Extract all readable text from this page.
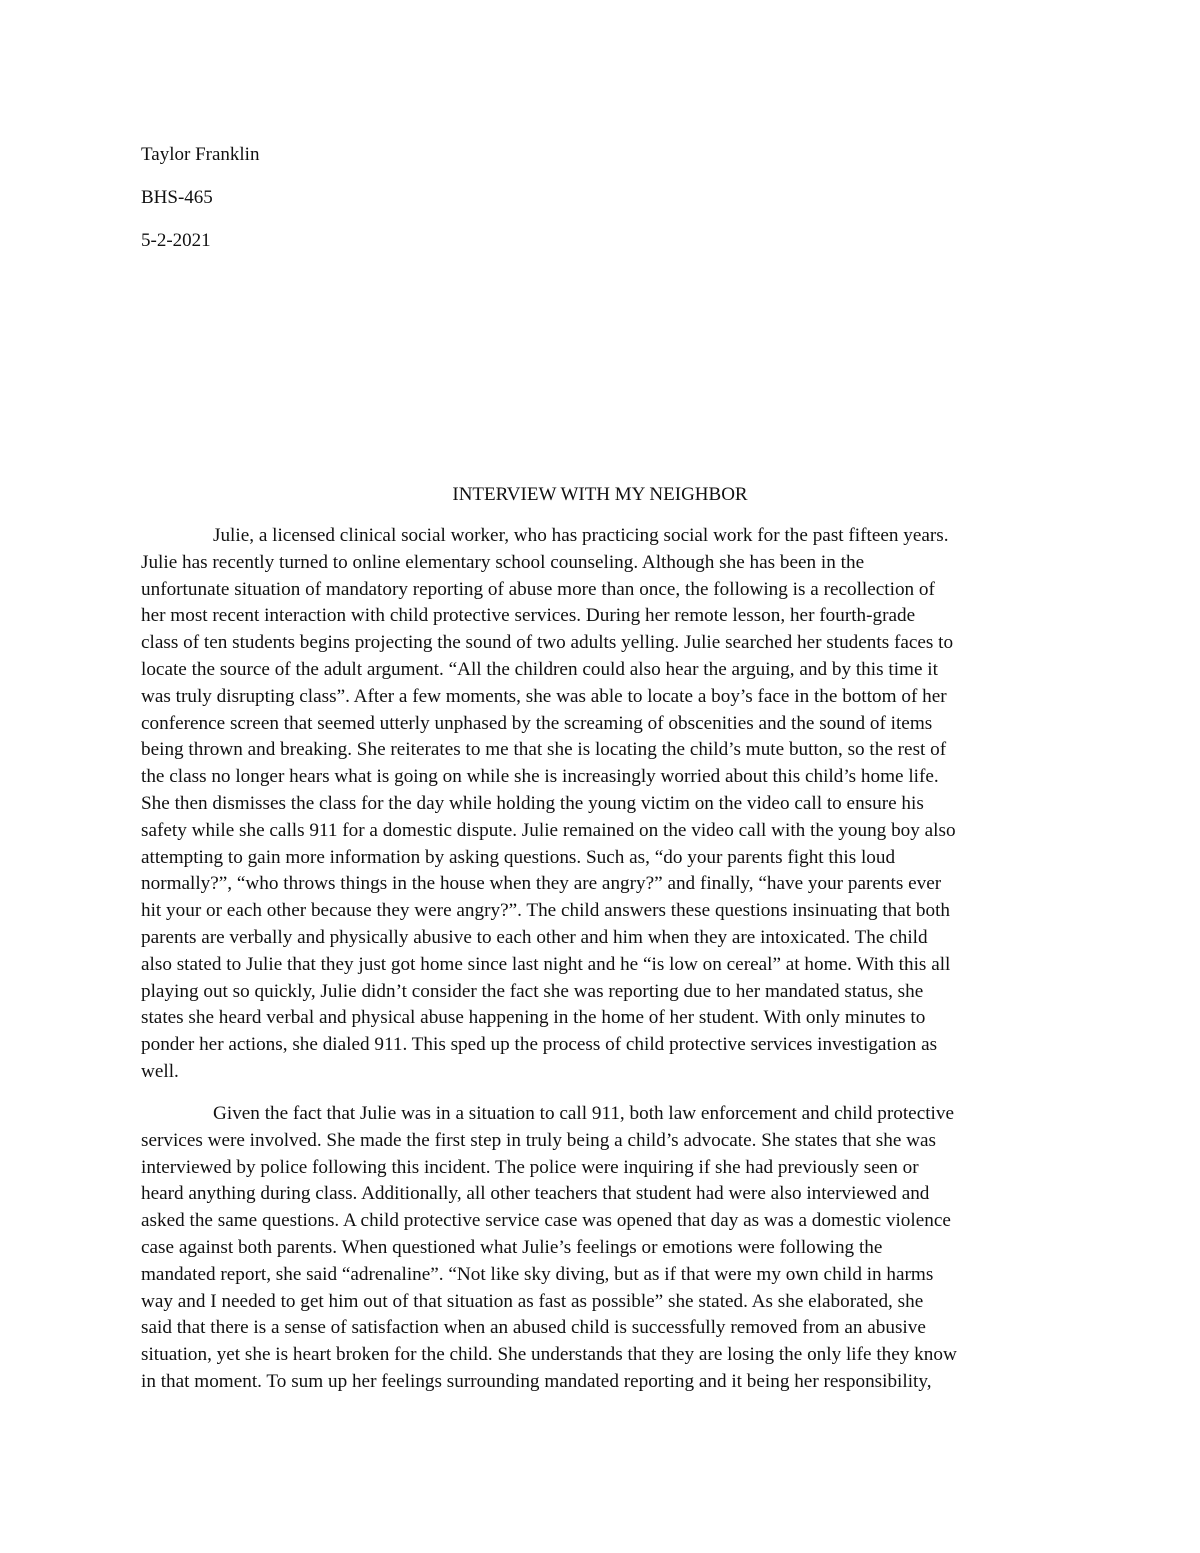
Taylor Franklin
BHS-465
5-2-2021
INTERVIEW WITH MY NEIGHBOR
Julie, a licensed clinical social worker, who has practicing social work for the past fifteen years.
Julie has recently turned to online elementary school counseling. Although she has been in the
unfortunate situation of mandatory reporting of abuse more than once, the following is a recollection of
her most recent interaction with child protective services. During her remote lesson, her fourth-grade
class of ten students begins projecting the sound of two adults yelling. Julie searched her students faces to
locate the source of the adult argument. “All the children could also hear the arguing, and by this time it
was truly disrupting class”. After a few moments, she was able to locate a boy’s face in the bottom of her
conference screen that seemed utterly unphased by the screaming of obscenities and the sound of items
being thrown and breaking. She reiterates to me that she is locating the child’s mute button, so the rest of
the class no longer hears what is going on while she is increasingly worried about this child’s home life.
She then dismisses the class for the day while holding the young victim on the video call to ensure his
safety while she calls 911 for a domestic dispute. Julie remained on the video call with the young boy also
attempting to gain more information by asking questions. Such as, “do your parents fight this loud
normally?”, “who throws things in the house when they are angry?” and finally, “have your parents ever
hit your or each other because they were angry?”. The child answers these questions insinuating that both
parents are verbally and physically abusive to each other and him when they are intoxicated. The child
also stated to Julie that they just got home since last night and he “is low on cereal” at home. With this all
playing out so quickly, Julie didn’t consider the fact she was reporting due to her mandated status, she
states she heard verbal and physical abuse happening in the home of her student. With only minutes to
ponder her actions, she dialed 911. This sped up the process of child protective services investigation as
well.
Given the fact that Julie was in a situation to call 911, both law enforcement and child protective
services were involved. She made the first step in truly being a child’s advocate. She states that she was
interviewed by police following this incident. The police were inquiring if she had previously seen or
heard anything during class. Additionally, all other teachers that student had were also interviewed and
asked the same questions. A child protective service case was opened that day as was a domestic violence
case against both parents. When questioned what Julie’s feelings or emotions were following the
mandated report, she said “adrenaline”. “Not like sky diving, but as if that were my own child in harms
way and I needed to get him out of that situation as fast as possible” she stated. As she elaborated, she
said that there is a sense of satisfaction when an abused child is successfully removed from an abusive
situation, yet she is heart broken for the child. She understands that they are losing the only life they know
in that moment. To sum up her feelings surrounding mandated reporting and it being her responsibility,
